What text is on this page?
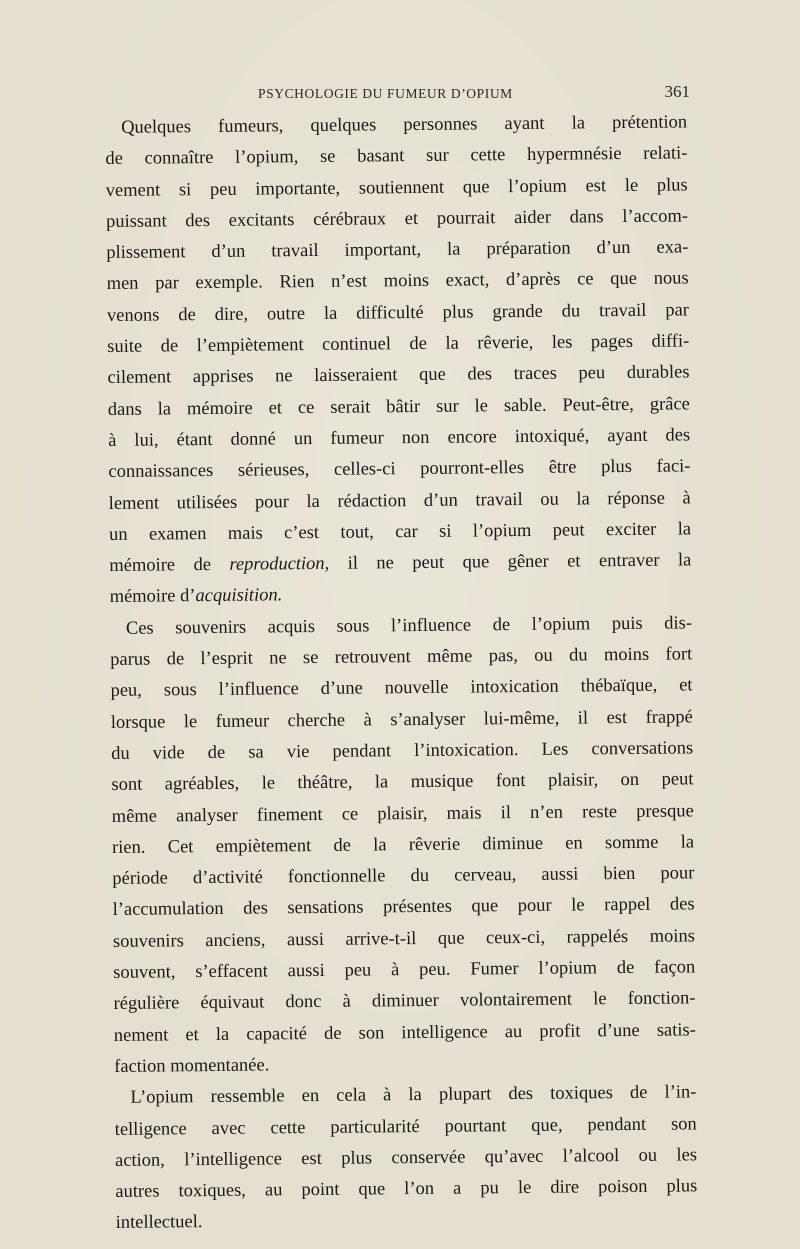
PSYCHOLOGIE DU FUMEUR D’OPIUM	361
Quelques fumeurs, quelques personnes ayant la prétention
de connaître l’opium, se basant sur cette hypermnésie relati-
vement si peu importante, soutiennent que l’opium est le plus
puissant des excitants cérébraux et pourrait aider dans l’accom-
plissement d’un travail important, la préparation d’un exa-
men par exemple. Rien n’est moins exact, d’après ce que nous
venons de dire, outre la difficulté plus grande du travail par
suite de l’empiètement continuel de la rêverie, les pages diffi-
cilement apprises ne laisseraient que des traces peu durables
dans la mémoire et ce serait bâtir sur le sable. Peut-être, grâce
à lui, étant donné un fumeur non encore intoxiqué, ayant des
connaissances sérieuses, celles-ci pourront-elles être plus faci-
lement utilisées pour la rédaction d’un travail ou la réponse à
un examen mais c’est tout, car si l’opium peut exciter la
mémoire de reproduction, il ne peut que gêner et entraver la
mémoire d’acquisition.
Ces souvenirs acquis sous l’influence de l’opium puis dis-
parus de l’esprit ne se retrouvent même pas, ou du moins fort
peu, sous l’influence d’une nouvelle intoxication thébaïque, et
lorsque le fumeur cherche à s’analyser lui-même, il est frappé
du vide de sa vie pendant l’intoxication. Les conversations
sont agréables, le théâtre, la musique font plaisir, on peut
même analyser finement ce plaisir, mais il n’en reste presque
rien. Cet empiètement de la rêverie diminue en somme la
période d’activité fonctionnelle du cerveau, aussi bien pour
l’accumulation des sensations présentes que pour le rappel des
souvenirs anciens, aussi arrive-t-il que ceux-ci, rappelés moins
souvent, s’effacent aussi peu à peu. Fumer l’opium de façon
régulière équivaut donc à diminuer volontairement le fonction-
nement et la capacité de son intelligence au profit d’une satis-
faction momentanée.
L’opium ressemble en cela à la plupart des toxiques de l’in-
telligence avec cette particularité pourtant que, pendant son
action, l’intelligence est plus conservée qu’avec l’alcool ou les
autres toxiques, au point que l’on a pu le dire poison plus
intellectuel.
